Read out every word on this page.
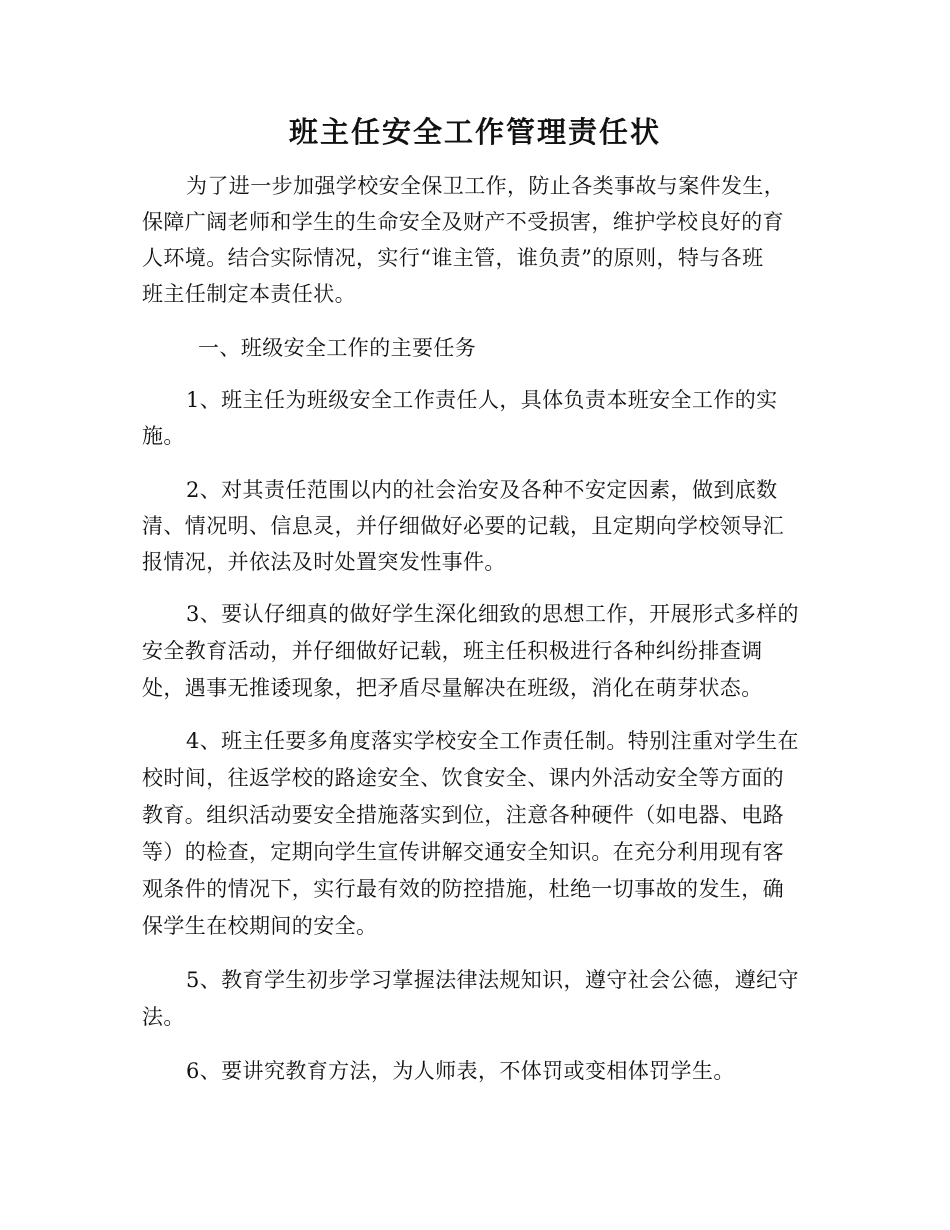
班主任安全工作管理责任状
为了进一步加强学校安全保卫工作，防止各类事故与案件发生，
保障广阔老师和学生的生命安全及财产不受损害，维护学校良好的育
人环境。结合实际情况，实行“谁主管，谁负责”的原则，特与各班
班主任制定本责任状。
一、班级安全工作的主要任务
1、班主任为班级安全工作责任人，具体负责本班安全工作的实
施。
2、对其责任范围以内的社会治安及各种不安定因素，做到底数
清、情况明、信息灵，并仔细做好必要的记载，且定期向学校领导汇
报情况，并依法及时处置突发性事件。
3、要认仔细真的做好学生深化细致的思想工作，开展形式多样的
安全教育活动，并仔细做好记载，班主任积极进行各种纠纷排查调
处，遇事无推诿现象，把矛盾尽量解决在班级，消化在萌芽状态。
4、班主任要多角度落实学校安全工作责任制。特别注重对学生在
校时间，往返学校的路途安全、饮食安全、课内外活动安全等方面的
教育。组织活动要安全措施落实到位，注意各种硬件（如电器、电路
等）的检查，定期向学生宣传讲解交通安全知识。在充分利用现有客
观条件的情况下，实行最有效的防控措施，杜绝一切事故的发生，确
保学生在校期间的安全。
5、教育学生初步学习掌握法律法规知识，遵守社会公德，遵纪守
法。
6、要讲究教育方法，为人师表，不体罚或变相体罚学生。
